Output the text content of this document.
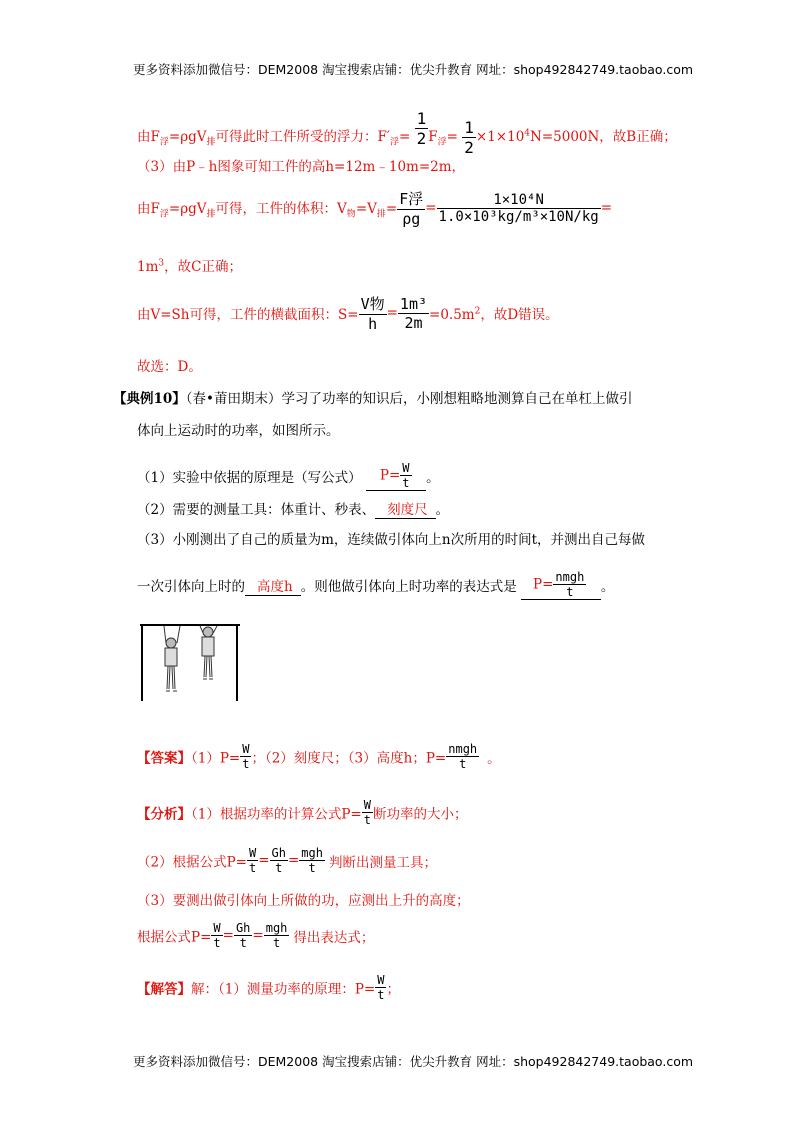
更多资料添加微信号：DEM2008 淘宝搜索店铺：优尖升教育 网址：shop492842749.taobao.com
由$F_浮=\rho gV_排$可得此时工件所受的浮力：$F'_浮= \frac{1}{2} F_浮= \frac{1}{2} \times 1\times 10^4N=5000N$，故B正确；
（3）由P﹣h图象可知工件的高h=12m﹣10m=2m，
由$F_浮=\rho gV_排$可得，工件的体积：$V_物=V_排= \frac{\text{F浮}}{\rho g} = \frac{\text{1×10⁴N}}{\text{1.0×10³kg/m³×10N/kg}}$ =
$1m^3$，故C正确；
由V=Sh可得，工件的横截面积：$S= \frac{\text{V物}}{h} = \frac{\text{1m³}}{2m} =0.5m^2$，故D错误。
故选：D。
【典例10】（春•莆田期末）学习了功率的知识后，小刚想粗略地测算自己在单杠上做引
体向上运动时的功率，如图所示。
（1）实验中依据的原理是（写公式） $P= \frac{W}{t}$ 。
（2）需要的测量工具：体重计、秒表、 刻度尺 。
（3）小刚测出了自己的质量为m，连续做引体向上n次所用的时间t，并测出自己每做
一次引体向上时的 高度h 。则他做引体向上时功率的表达式是 $P= \frac{\text{nmgh}}{t}$ 。
【答案】$(1)P= \frac{W}{t}$ ；（2）刻度尺；（3）高度h；$P= \frac{\text{nmgh}}{t}$ 。
【分析】（1）根据功率的计算公式$P= \frac{W}{t}$ 断功率的大小；
（2）根据公式$P= \frac{W}{t} = \frac{Gh}{t} = \frac{\text{mgh}}{t}$ 判断出测量工具；
（3）要测出做引体向上所做的功，应测出上升的高度；
根据公式$P= \frac{W}{t} = \frac{Gh}{t} = \frac{\text{mgh}}{t}$ 得出表达式；
【解答】解：（1）测量功率的原理：$P= \frac{W}{t}$ ；
更多资料添加微信号：DEM2008 淘宝搜索店铺：优尖升教育 网址：shop492842749.taobao.com
